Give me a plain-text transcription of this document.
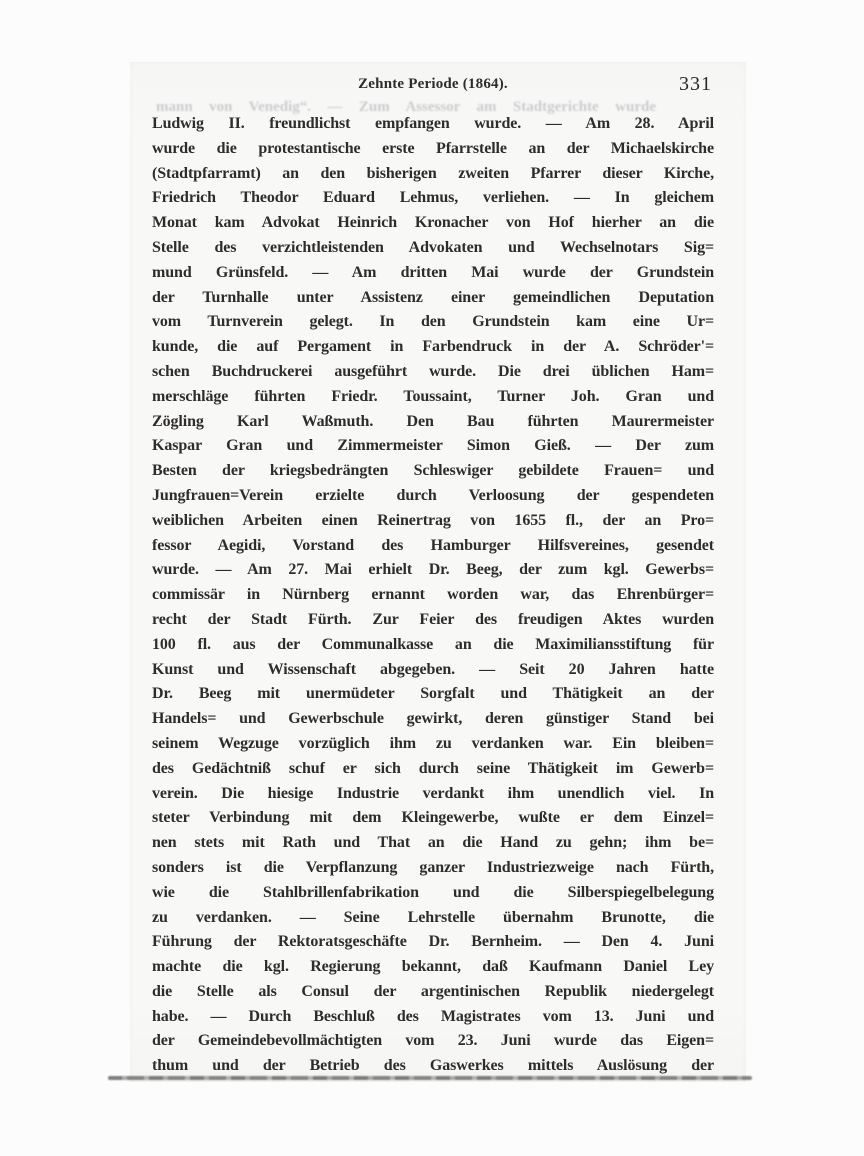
Zehnte Periode (1864).	331
mann von Venedig“. — Zum Assessor am Stadtgerichte wurde
Ludwig II. freundlichst empfangen wurde. — Am 28. April
wurde die protestantische erste Pfarrstelle an der Michaelskirche
(Stadtpfarramt) an den bisherigen zweiten Pfarrer dieser Kirche,
Friedrich Theodor Eduard Lehmus, verliehen. — In gleichem
Monat kam Advokat Heinrich Kronacher von Hof hierher an die
Stelle des verzichtleistenden Advokaten und Wechselnotars Sig=
mund Grünsfeld. — Am dritten Mai wurde der Grundstein
der Turnhalle unter Assistenz einer gemeindlichen Deputation
vom Turnverein gelegt. In den Grundstein kam eine Ur=
kunde, die auf Pergament in Farbendruck in der A. Schröder'=
schen Buchdruckerei ausgeführt wurde. Die drei üblichen Ham=
merschläge führten Friedr. Toussaint, Turner Joh. Gran und
Zögling Karl Waßmuth. Den Bau führten Maurermeister
Kaspar Gran und Zimmermeister Simon Gieß. — Der zum
Besten der kriegsbedrängten Schleswiger gebildete Frauen= und
Jungfrauen=Verein erzielte durch Verloosung der gespendeten
weiblichen Arbeiten einen Reinertrag von 1655 fl., der an Pro=
fessor Aegidi, Vorstand des Hamburger Hilfsvereines, gesendet
wurde. — Am 27. Mai erhielt Dr. Beeg, der zum kgl. Gewerbs=
commissär in Nürnberg ernannt worden war, das Ehrenbürger=
recht der Stadt Fürth. Zur Feier des freudigen Aktes wurden
100 fl. aus der Communalkasse an die Maximiliansstiftung für
Kunst und Wissenschaft abgegeben. — Seit 20 Jahren hatte
Dr. Beeg mit unermüdeter Sorgfalt und Thätigkeit an der
Handels= und Gewerbschule gewirkt, deren günstiger Stand bei
seinem Wegzuge vorzüglich ihm zu verdanken war. Ein bleiben=
des Gedächtniß schuf er sich durch seine Thätigkeit im Gewerb=
verein. Die hiesige Industrie verdankt ihm unendlich viel. In
steter Verbindung mit dem Kleingewerbe, wußte er dem Einzel=
nen stets mit Rath und That an die Hand zu gehn; ihm be=
sonders ist die Verpflanzung ganzer Industriezweige nach Fürth,
wie die Stahlbrillenfabrikation und die Silberspiegelbelegung
zu verdanken. — Seine Lehrstelle übernahm Brunotte, die
Führung der Rektoratsgeschäfte Dr. Bernheim. — Den 4. Juni
machte die kgl. Regierung bekannt, daß Kaufmann Daniel Ley
die Stelle als Consul der argentinischen Republik niedergelegt
habe. — Durch Beschluß des Magistrates vom 13. Juni und
der Gemeindebevollmächtigten vom 23. Juni wurde das Eigen=
thum und der Betrieb des Gaswerkes mittels Auslösung der
